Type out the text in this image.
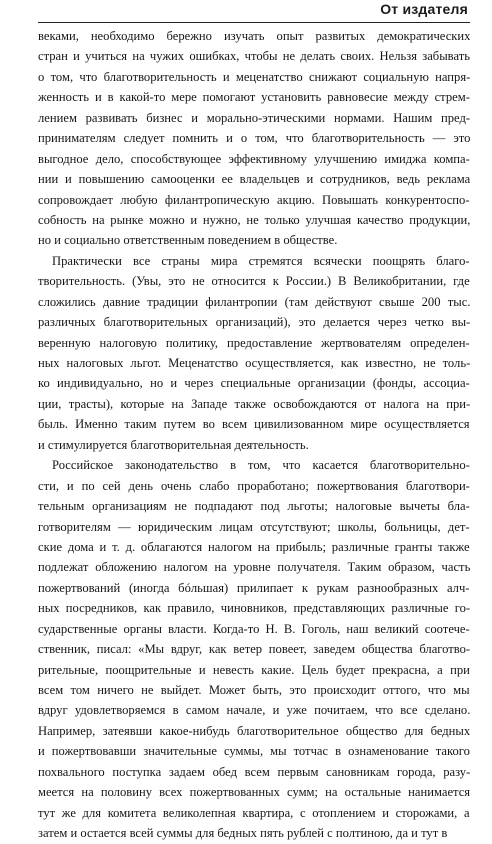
От издателя
веками, необходимо бережно изучать опыт развитых демократических
стран и учиться на чужих ошибках, чтобы не делать своих. Нельзя забывать
о том, что благотворительность и меценатство снижают социальную напря-
женность и в какой-то мере помогают установить равновесие между стрем-
лением развивать бизнес и морально-этическими нормами. Нашим пред-
принимателям следует помнить и о том, что благотворительность — это
выгодное дело, способствующее эффективному улучшению имиджа компа-
нии и повышению самооценки ее владельцев и сотрудников, ведь реклама
сопровождает любую филантропическую акцию. Повышать конкурентоспо-
собность на рынке можно и нужно, не только улучшая качество продукции,
но и социально ответственным поведением в обществе.
Практически все страны мира стремятся всячески поощрять благо-
творительность. (Увы, это не относится к России.) В Великобритании, где
сложились давние традиции филантропии (там действуют свыше 200 тыс.
различных благотворительных организаций), это делается через четко вы-
веренную налоговую политику, предоставление жертвователям определен-
ных налоговых льгот. Меценатство осуществляется, как известно, не толь-
ко индивидуально, но и через специальные организации (фонды, ассоциа-
ции, трасты), которые на Западе также освобождаются от налога на при-
быль. Именно таким путем во всем цивилизованном мире осуществляется
и стимулируется благотворительная деятельность.
Российское законодательство в том, что касается благотворительно-
сти, и по сей день очень слабо проработано; пожертвования благотвори-
тельным организациям не подпадают под льготы; налоговые вычеты бла-
готворителям — юридическим лицам отсутствуют; школы, больницы, дет-
ские дома и т. д. облагаются налогом на прибыль; различные гранты также
подлежат обложению налогом на уровне получателя. Таким образом, часть
пожертвований (иногда бóльшая) прилипает к рукам разнообразных алч-
ных посредников, как правило, чиновников, представляющих различные го-
сударственные органы власти. Когда-то Н. В. Гоголь, наш великий соотече-
ственник, писал: «Мы вдруг, как ветер повеет, заведем общества благотво-
рительные, поощрительные и невесть какие. Цель будет прекрасна, а при
всем том ничего не выйдет. Может быть, это происходит оттого, что мы
вдруг удовлетворяемся в самом начале, и уже почитаем, что все сделано.
Например, затеявши какое-нибудь благотворительное общество для бедных
и пожертвовавши значительные суммы, мы тотчас в ознаменование такого
похвального поступка задаем обед всем первым сановникам города, разу-
меется на половину всех пожертвованных сумм; на остальные нанимается
тут же для комитета великолепная квартира, с отоплением и сторожами, а
затем и остается всей суммы для бедных пять рублей с полтиною, да и тут в
